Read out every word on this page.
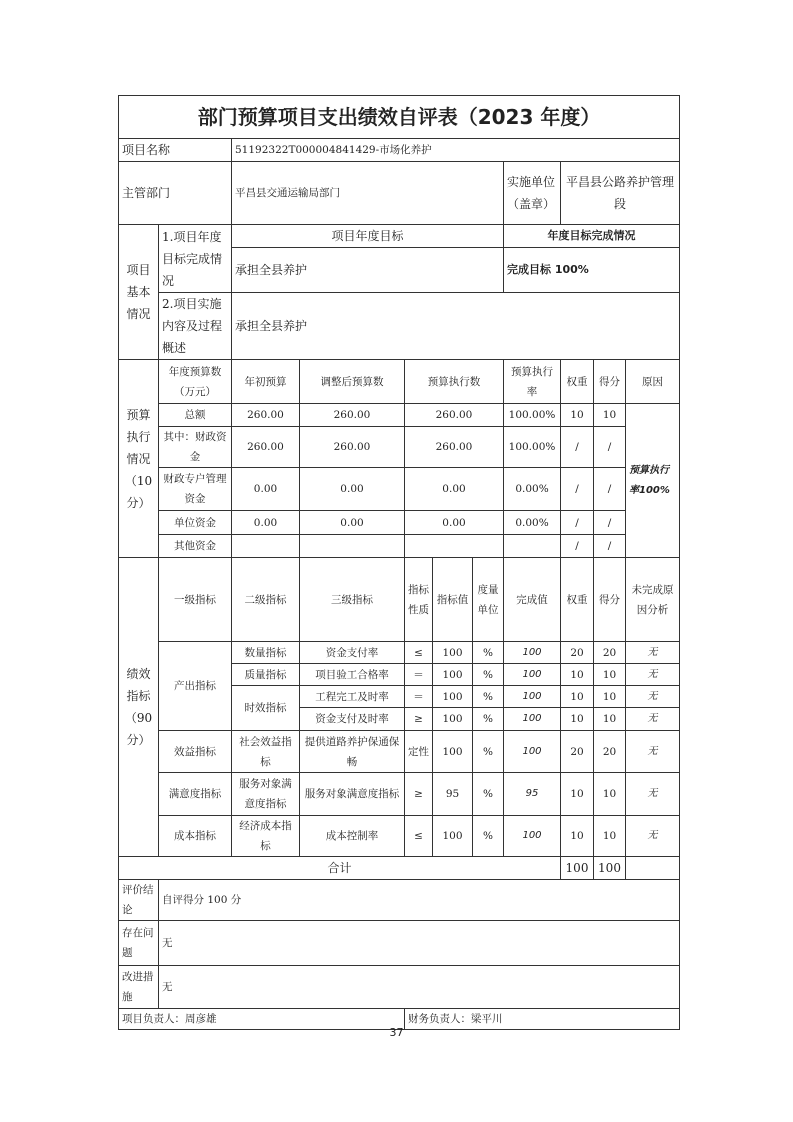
部门预算项目支出绩效自评表（2023 年度）										
项目名称		51192322T000004841429-市场化养护								
主管部门		平昌县交通运输局部门					实施单位（盖章）	平昌县公路养护管理段		
项目基本情况	1.项目年度目标完成情况	项目年度目标					年度目标完成情况			
		承担全县养护					完成目标 100%			
	2.项目实施内容及过程概述	承担全县养护								
预算执行情况（10分）	年度预算数（万元）	年初预算	调整后预算数	预算执行数			预算执行率	权重	得分	原因
	总额	260.00	260.00	260.00			100.00%	10	10	预算执行率100%
	其中：财政资金	260.00	260.00	260.00			100.00%	/	/	
	财政专户管理资金	0.00	0.00	0.00			0.00%	/	/	
	单位资金	0.00	0.00	0.00			0.00%	/	/	
	其他资金							/	/	
绩效指标（90分）	一级指标	二级指标	三级指标	指标性质	指标值	度量单位	完成值	权重	得分	未完成原因分析
	产出指标	数量指标	资金支付率	≤	100	%	100	20	20	无
		质量指标	项目验工合格率	＝	100	%	100	10	10	无
		时效指标	工程完工及时率	＝	100	%	100	10	10	无
			资金支付及时率	≥	100	%	100	10	10	无
	效益指标	社会效益指标	提供道路养护保通保畅	定性	100	%	100	20	20	无
	满意度指标	服务对象满意度指标	服务对象满意度指标	≥	95	%	95	10	10	无
	成本指标	经济成本指标	成本控制率	≤	100	%	100	10	10	无
合计								100	100	
评价结论	自评得分 100 分									
存在问题	无									
改进措施	无									
项目负责人：周彦雄				财务负责人：梁平川						
37
